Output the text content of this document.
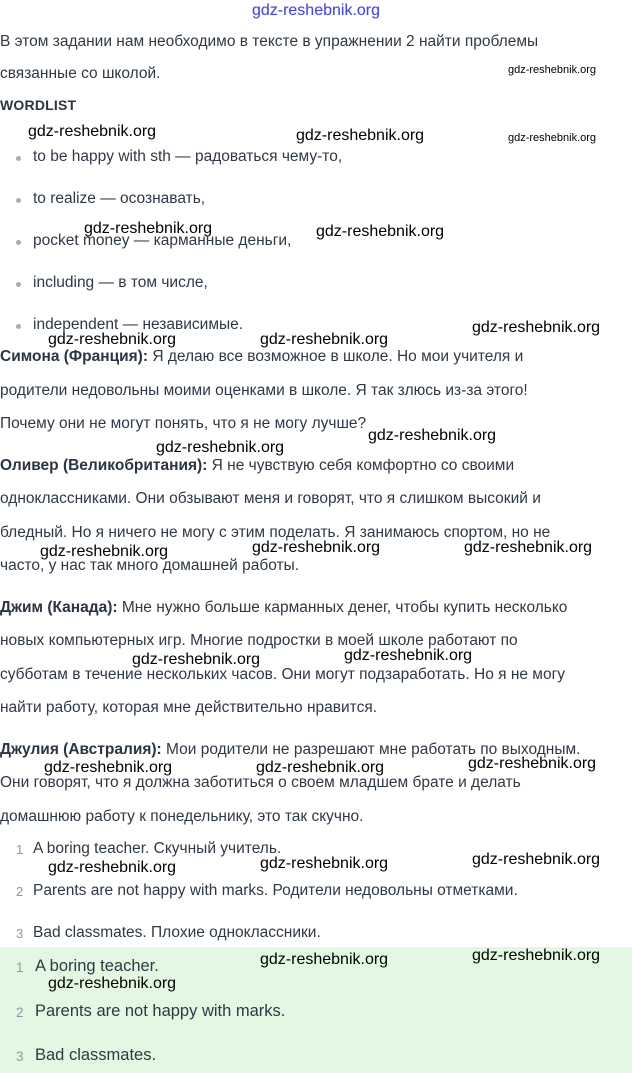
В этом задании нам необходимо в тексте в упражнении 2 найти проблемы
связанные со школой.
WORDLIST
to be happy with sth — радоваться чему-то,
to realize — осознавать,
pocket money — карманные деньги,
including — в том числе,
independent — независимые.
Симона (Франция): Я делаю все возможное в школе. Но мои учителя и
родители недовольны моими оценками в школе. Я так злюсь из-за этого!
Почему они не могут понять, что я не могу лучше?
Оливер (Великобритания): Я не чувствую себя комфортно со своими
одноклассниками. Они обзывают меня и говорят, что я слишком высокий и
бледный. Но я ничего не могу с этим поделать. Я занимаюсь спортом, но не
часто, у нас так много домашней работы.
Джим (Канада): Мне нужно больше карманных денег, чтобы купить несколько
новых компьютерных игр. Многие подростки в моей школе работают по
субботам в течение нескольких часов. Они могут подзаработать. Но я не могу
найти работу, которая мне действительно нравится.
Джулия (Австралия): Мои родители не разрешают мне работать по выходным.
Они говорят, что я должна заботиться о своем младшем брате и делать
домашнюю работу к понедельнику, это так скучно.
1 A boring teacher. Скучный учитель.
2 Parents are not happy with marks. Родители недовольны отметками.
3 Bad classmates. Плохие одноклассники.
1 A boring teacher.
2 Parents are not happy with marks.
3 Bad classmates.
gdz-reshebnik.org
gdz-reshebnik.org
gdz-reshebnik.org	gdz-reshebnik.org	gdz-reshebnik.org
gdz-reshebnik.org	gdz-reshebnik.org
gdz-reshebnik.org
gdz-reshebnik.org	gdz-reshebnik.org
gdz-reshebnik.org
gdz-reshebnik.org
gdz-reshebnik.org	gdz-reshebnik.org	gdz-reshebnik.org
gdz-reshebnik.org
gdz-reshebnik.org
gdz-reshebnik.org
gdz-reshebnik.org	gdz-reshebnik.org
gdz-reshebnik.org
gdz-reshebnik.org	gdz-reshebnik.org
gdz-reshebnik.org
gdz-reshebnik.org
gdz-reshebnik.org
